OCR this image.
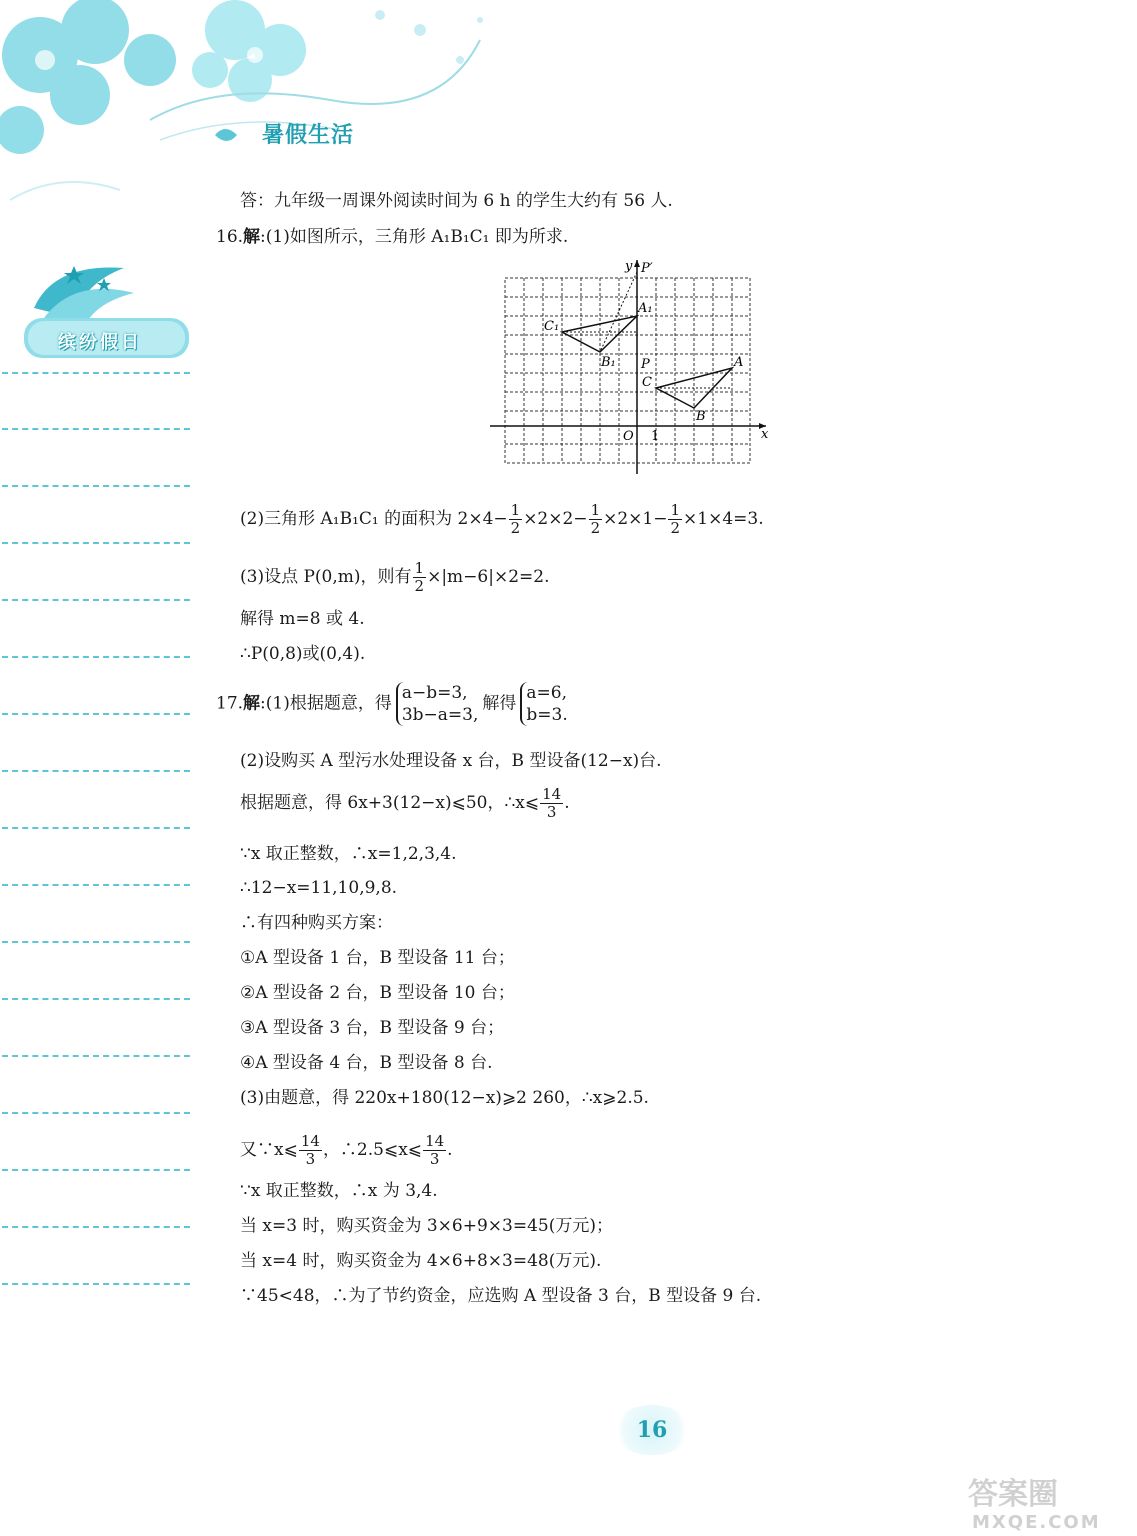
暑假生活
缤纷假日
答：九年级一周课外阅读时间为 6 h 的学生大约有 56 人.
16.解:(1)如图所示，三角形 A₁B₁C₁ 即为所求.
(2)三角形 A₁B₁C₁ 的面积为 $2\times 4- \frac{1}{2} \times 2\times 2- \frac{1}{2} \times 2\times 1- \frac{1}{2} \times 1\times 4=3$.
(3)设点 P(0,m)，则有 $\frac{1}{2} \times|m-6|\times 2=2$.
解得 m=8 或 4.
∴P(0,8)或(0,4).
17.解:(1)根据题意，得
a−b=3,
3b−a=3,
解得
a=6,
b=3.
(2)设购买 A 型污水处理设备 x 台，B 型设备(12−x)台.
根据题意，得 6x+3(12−x)⩽50，∴x⩽ $\frac{14}{3}$ .
∵x 取正整数，∴x=1,2,3,4.
∴12−x=11,10,9,8.
∴有四种购买方案：
①A 型设备 1 台，B 型设备 11 台；
②A 型设备 2 台，B 型设备 10 台；
③A 型设备 3 台，B 型设备 9 台；
④A 型设备 4 台，B 型设备 8 台.
(3)由题意，得 220x+180(12−x)⩾2 260，∴x⩾2.5.
又∵x⩽ $\frac{14}{3}$ ，∴2.5⩽x⩽ $\frac{14}{3}$ .
∵x 取正整数，∴x 为 3,4.
当 x=3 时，购买资金为 3×6+9×3=45(万元)；
当 x=4 时，购买资金为 4×6+8×3=48(万元).
∵45<48，∴为了节约资金，应选购 A 型设备 3 台，B 型设备 9 台.
y
x
O 1
P′
P	A
B
C
A₁
B₁
C₁
16
答案圈
MXQE.COM
